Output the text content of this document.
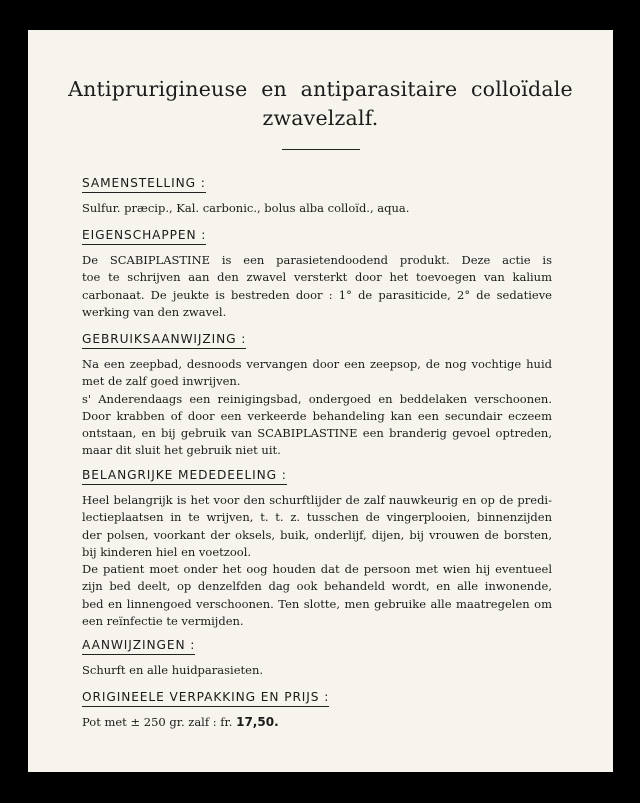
Antiprurigineuse en antiparasitaire colloïdale
zwavelzalf.
SAMENSTELLING :

Sulfur. præcip., Kal. carbonic., bolus alba colloïd., aqua.

EIGENSCHAPPEN :

De SCABIPLASTINE is een parasietendoodend produkt. Deze actie is

toe te schrijven aan den zwavel versterkt door het toevoegen van kalium

carbonaat. De jeukte is bestreden door : 1° de parasiticide, 2° de sedatieve

werking van den zwavel.

GEBRUIKSAANWIJZING :

Na een zeepbad, desnoods vervangen door een zeepsop, de nog vochtige huid

met de zalf goed inwrijven.

s' Anderendaags een reinigingsbad, ondergoed en beddelaken verschoonen.

Door krabben of door een verkeerde behandeling kan een secundair eczeem

ontstaan, en bij gebruik van SCABIPLASTINE een branderig gevoel optreden,

maar dit sluit het gebruik niet uit.

BELANGRIJKE MEDEDEELING :

Heel belangrijk is het voor den schurftlijder de zalf nauwkeurig en op de predi-

lectieplaatsen in te wrijven, t. t. z. tusschen de vingerplooien, binnenzijden

der polsen, voorkant der oksels, buik, onderlijf, dijen, bij vrouwen de borsten,

bij kinderen hiel en voetzool.

De patient moet onder het oog houden dat de persoon met wien hij eventueel

zijn bed deelt, op denzelfden dag ook behandeld wordt, en alle inwonende,

bed en linnengoed verschoonen. Ten slotte, men gebruike alle maatregelen om

een reïnfectie te vermijden.

AANWIJZINGEN :

Schurft en alle huidparasieten.

ORIGINEELE VERPAKKING EN PRIJS :

Pot met ± 250 gr. zalf : fr. 17,50.
